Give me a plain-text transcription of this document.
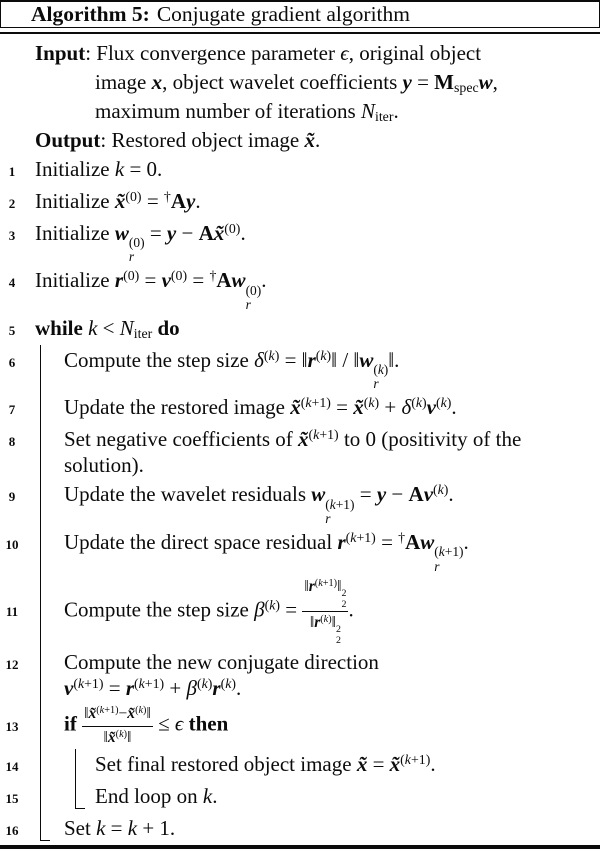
Algorithm 5: Conjugate gradient algorithm
Input: Flux convergence parameter ϵ, original object
image x, object wavelet coefficients y = Mspecw,
maximum number of iterations Niter.
Output: Restored object image x̃.
1 Initialize k = 0.
2 Initialize x̃$^{(0)}$ = †Ay.
3 Initialize w (0)
r
= y − Ax̃$^{(0)}$.
4 Initialize $r^{(0)} = v^{(0)} = ^\dagger Aw$ (0)
r
.
5 while k < Niter do
6	Compute the step size $\delta^{(k)}$ = $‖r^{(k)}‖$ / ‖w (k)
r
‖.
7	Update the restored image x̃$^{(k+1)}$ = x̃$^{(k)}$ + $\delta^{(k)}v^{(k)}$.
8	Set negative coefficients of x̃$^{(k+1)}$ to 0 (positivity of the
solution).
9	Update the wavelet residuals w (k+1)
r
= $y - Av^{(k)}$.
10	Update the direct space residual $r^{(k+1)} = ^\dagger Aw$ (k+1)
r
.
11	Compute the step size $\beta^{(k)}$ = $‖r^{(k+1)}‖$ 2
2
$‖r^{(k)}‖$ 2
2 .
12	Compute the new conjugate direction
$v^{(k+1)} = r^{(k+1)} + \beta^{(k)}r^{(k)}$.
13	if $\frac{‖x̃^{(k+1)}-x̃^{(k)}‖}{‖x̃^{(k)}‖} \le \epsilon$ then
14	Set final restored object image x̃ = x̃$^{(k+1)}$.
15	End loop on k.
16	Set k = k + 1.
